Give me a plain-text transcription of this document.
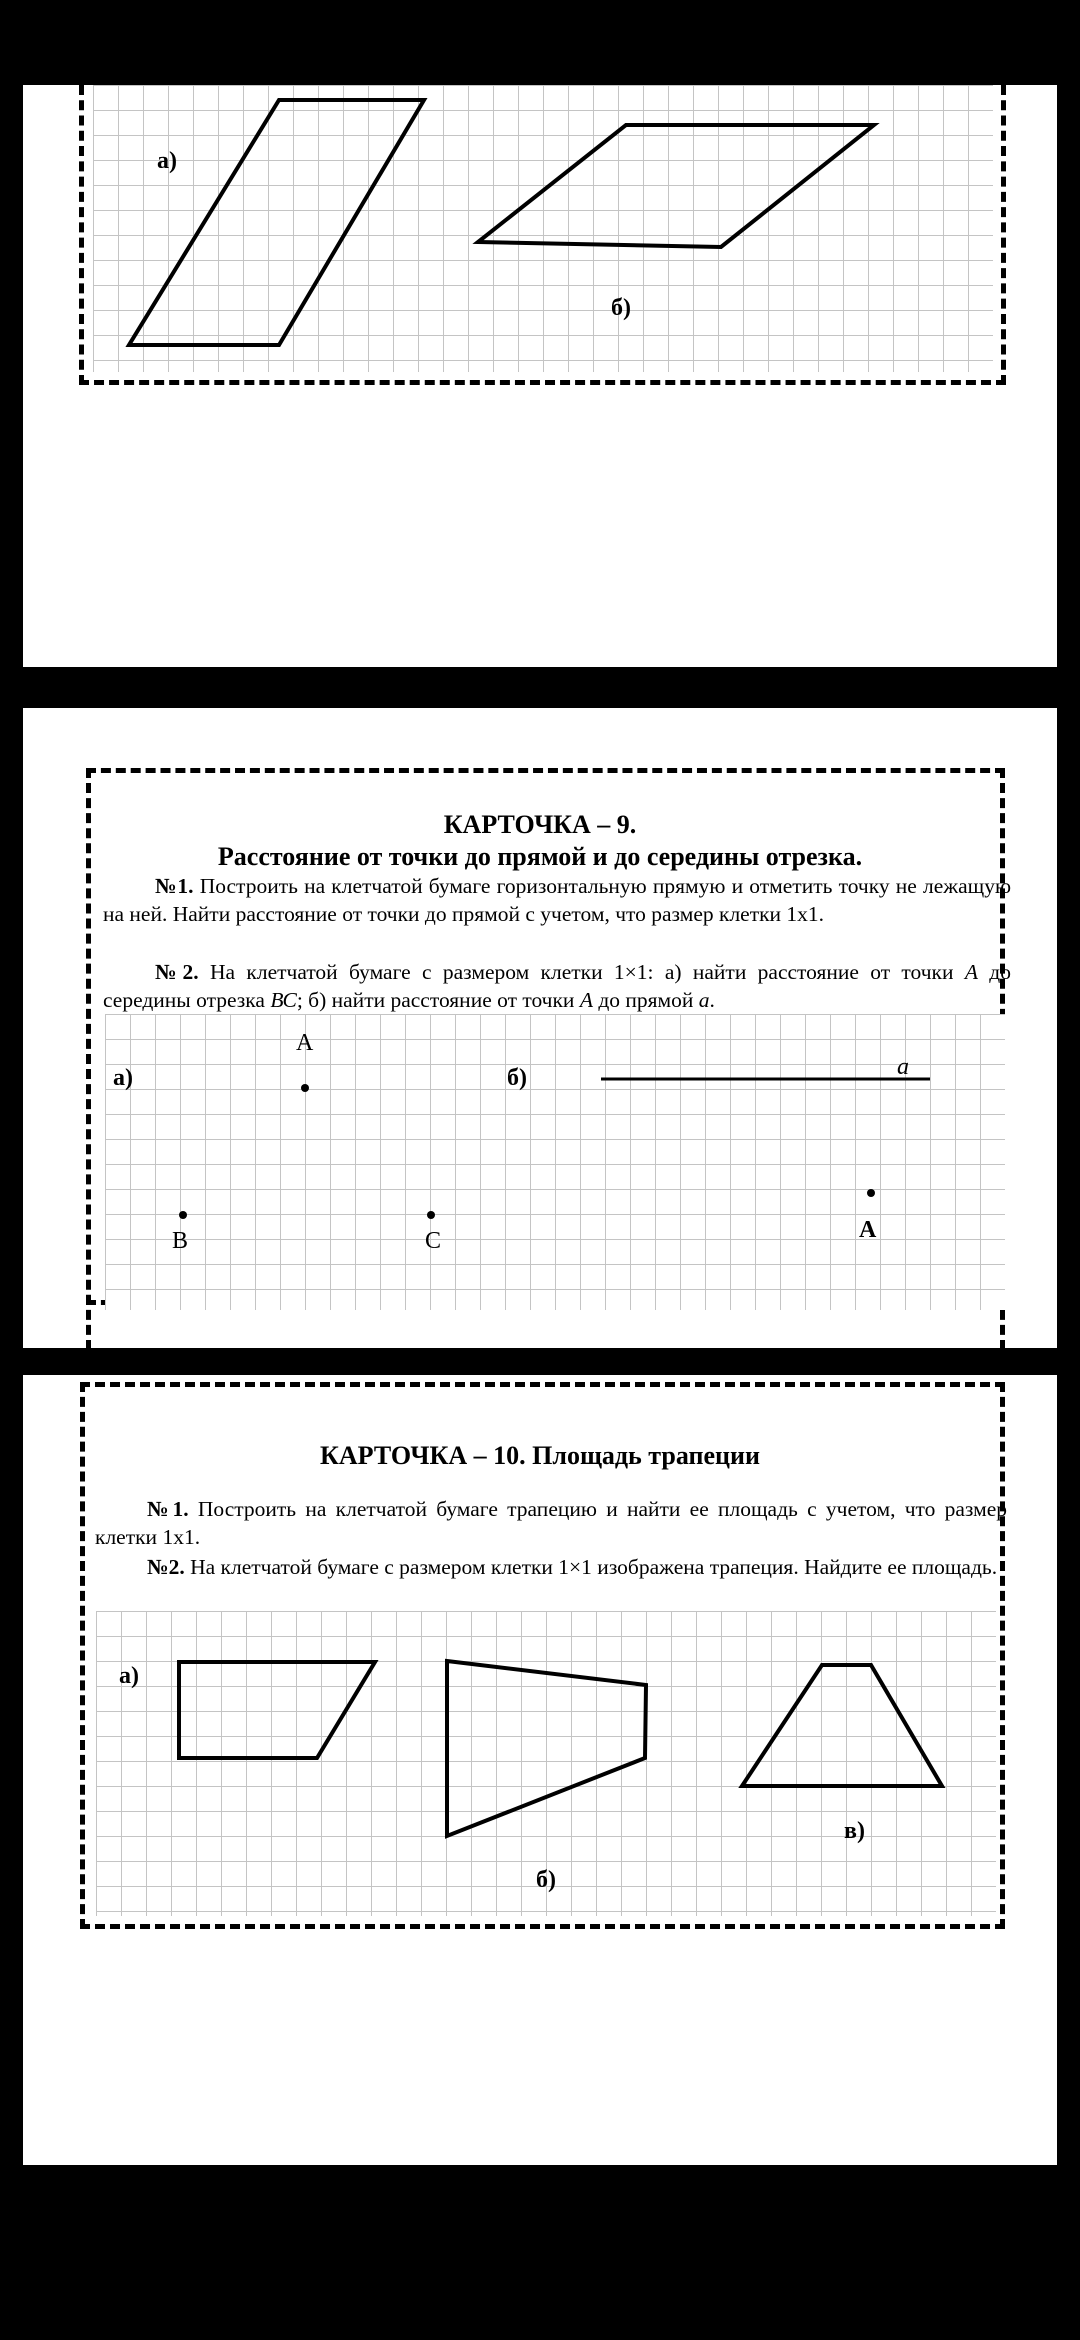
а)
б)
КАРТОЧКА – 9.
Расстояние от точки до прямой и до середины отрезка.
№1. Построить на клетчатой бумаге горизонтальную прямую и отметить точку не лежащую на ней. Найти расстояние от точки до прямой с учетом, что размер клетки 1x1.
№2. На клетчатой бумаге с размером клетки 1×1: а) найти расстояние от точки А до середины отрезка ВС; б) найти расстояние от точки А до прямой а.
а)	б)
А
В	С
а
А
КАРТОЧКА – 10. Площадь трапеции
№1. Построить на клетчатой бумаге трапецию и найти ее площадь с учетом, что размер клетки 1x1.
№2. На клетчатой бумаге с размером клетки 1×1 изображена трапеция. Найдите ее площадь.
а)
б)
в)
